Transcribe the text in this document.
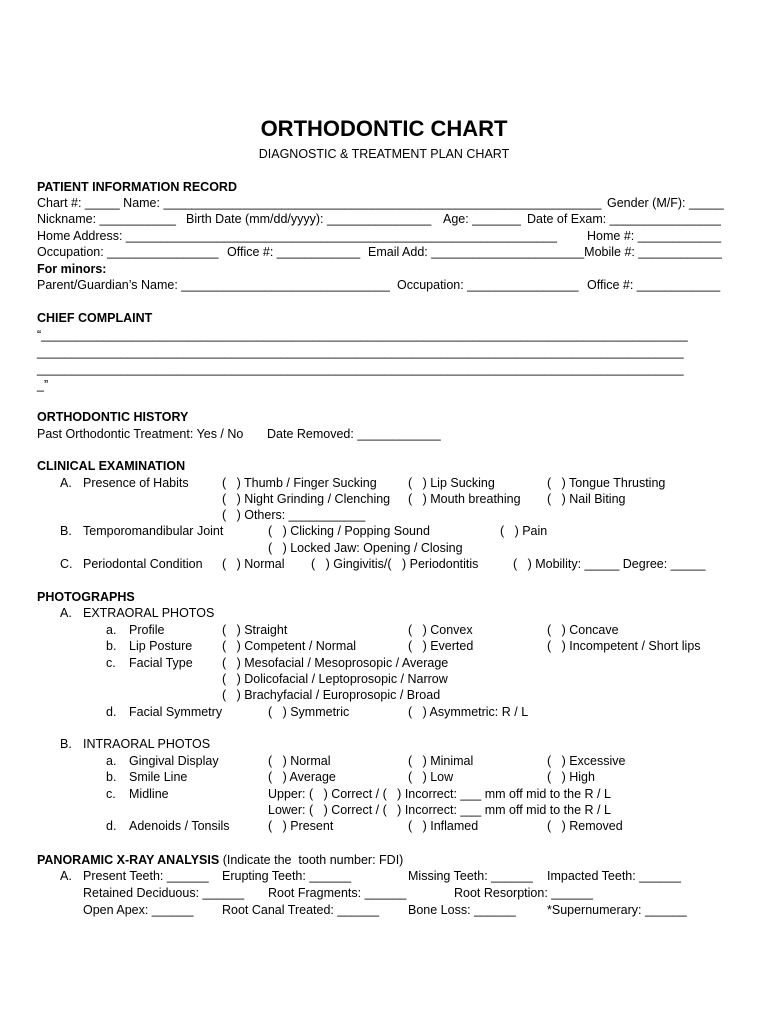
ORTHODONTIC CHART
DIAGNOSTIC & TREATMENT PLAN CHART
PATIENT INFORMATION RECORD
Chart #: _____ Name: _______________________________________________________________ Gender (M/F): _____
Nickname: ___________ Birth Date (mm/dd/yyyy): _______________ Age: _______ Date of Exam: ________________
Home Address: ______________________________________________________________ Home #: ____________
Occupation: ________________ Office #: ____________ Email Add: ______________________Mobile #: ____________
For minors:
Parent/Guardian’s Name: ______________________________ Occupation: ________________ Office #: ____________
CHIEF COMPLAINT
“_____________________________________________________________________________________________
_____________________________________________________________________________________________
_____________________________________________________________________________________________
_”
ORTHODONTIC HISTORY
Past Orthodontic Treatment: Yes / No Date Removed: ____________
CLINICAL EXAMINATION
A. Presence of Habits	(   ) Thumb / Finger Sucking	(   ) Lip Sucking	(   ) Tongue Thrusting
(   ) Night Grinding / Clenching (   ) Mouth breathing (   ) Nail Biting
(   ) Others: ___________
B. Temporomandibular Joint	(   ) Clicking / Popping Sound	(   ) Pain
(   ) Locked Jaw: Opening / Closing
C. Periodontal Condition (   ) Normal (   ) Gingivitis/(   ) Periodontitis	(   ) Mobility: _____ Degree: _____
PHOTOGRAPHS
A. EXTRAORAL PHOTOS
a. Profile	(   ) Straight	(   ) Convex	(   ) Concave
b. Lip Posture (   ) Competent / Normal	(   ) Everted	(   ) Incompetent / Short lips
c. Facial Type (   ) Mesofacial / Mesoprosopic / Average
(   ) Dolicofacial / Leptoprosopic / Narrow
(   ) Brachyfacial / Europrosopic / Broad
d. Facial Symmetry	(   ) Symmetric	(   ) Asymmetric: R / L
B. INTRAORAL PHOTOS
a. Gingival Display	(   ) Normal	(   ) Minimal	(   ) Excessive
b. Smile Line	(   ) Average	(   ) Low	(   ) High
c. Midline	Upper: (   ) Correct / (   ) Incorrect: ___ mm off mid to the R / L
Lower: (   ) Correct / (   ) Incorrect: ___ mm off mid to the R / L
d. Adenoids / Tonsils	(   ) Present	(   ) Inflamed	(   ) Removed
PANORAMIC X-RAY ANALYSIS (Indicate the  tooth number: FDI)
A. Present Teeth: ______ Erupting Teeth: ______	Missing Teeth: ______ Impacted Teeth: ______
Retained Deciduous: ______ Root Fragments: ______	Root Resorption: ______
Open Apex: ______ Root Canal Treated: ______ Bone Loss: ______	*Supernumerary: ______
